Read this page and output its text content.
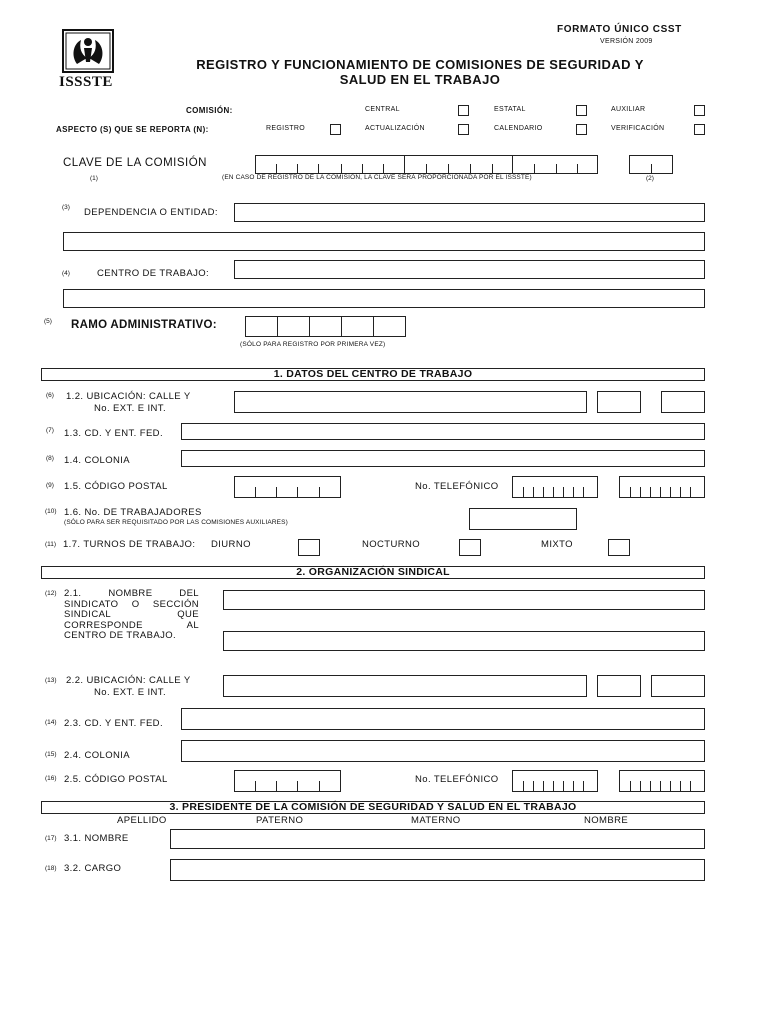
ISSSTE
FORMATO ÚNICO CSST
VERSIÓN 2009
REGISTRO Y FUNCIONAMIENTO DE COMISIONES DE SEGURIDAD Y
SALUD EN EL TRABAJO
COMISIÓN:	CENTRAL	ESTATAL	AUXILIAR
ASPECTO (S) QUE SE REPORTA (N):	REGISTRO	ACTUALIZACIÓN	CALENDARIO	VERIFICACIÓN
CLAVE DE LA COMISIÓN
(1)	(EN CASO DE REGISTRO DE LA COMISIÓN, LA CLAVE SERÁ PROPORCIONADA POR EL ISSSTE)	(2)
(3) DEPENDENCIA O ENTIDAD:
(4)	CENTRO DE TRABAJO:
(5) RAMO ADMINISTRATIVO:
(SÓLO PARA REGISTRO POR PRIMERA VEZ)
1. DATOS DEL CENTRO DE TRABAJO
(6) 1.2. UBICACIÓN: CALLE Y
No. EXT. E INT.
(7) 1.3. CD. Y ENT. FED.
(8) 1.4. COLONIA
(9) 1.5. CÓDIGO POSTAL	No. TELEFÓNICO
(10) 1.6. No. DE TRABAJADORES
(SÓLO PARA SER REQUISITADO POR LAS COMISIONES AUXILIARES)
(11) 1.7. TURNOS DE TRABAJO: DIURNO	NOCTURNO	MIXTO
2. ORGANIZACIÓN SINDICAL
(12) 2.1. NOMBRE DEL
SINDICATO O SECCIÓN
SINDICAL QUE
CORRESPONDE AL
CENTRO DE TRABAJO.
(13) 2.2. UBICACIÓN: CALLE Y
No. EXT. E INT.
(14) 2.3. CD. Y ENT. FED.
(15) 2.4. COLONIA
(16) 2.5. CÓDIGO POSTAL	No. TELEFÓNICO
3. PRESIDENTE DE LA COMISIÓN DE SEGURIDAD Y SALUD EN EL TRABAJO
APELLIDO	PATERNO	MATERNO	NOMBRE
(17) 3.1. NOMBRE
(18) 3.2. CARGO
